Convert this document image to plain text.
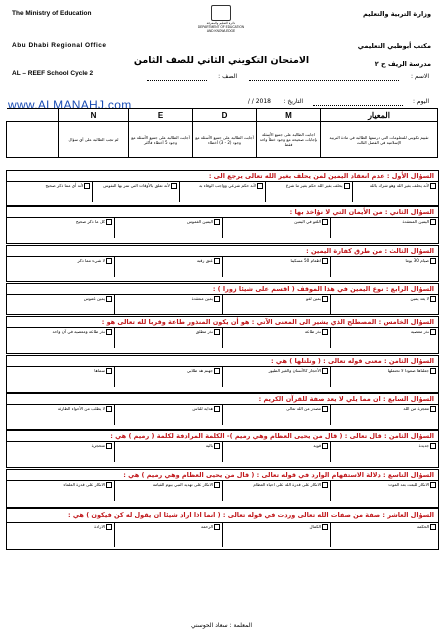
The Ministry of Education
Abu Dhabi Regional Office
AL – REEF School Cycle 2
وزارة التربية والتعليم
مكتب أبوظبي التعليمي
مدرسة الريف ح ٢
دائرة التعليم والمعرفة
DEPARTMENT OF EDUCATION
AND KNOWLEDGE
الامتحان التكويني الثاني للصف الثامن
الاسم :
الصف :
اليوم :
التاريخ :
2018 / /
www.ALMANAHJ.com
	N	E	D	M	المعيار
	لم تجب الطالبة على أي سؤال	أجابت الطالبة على جميع الأسئلة مع وجود 5 أخطاء فأكثر	أجابت الطالبة على جميع الأسئلة مع وجود (2 - 3) أخطاء	اجابت الطالبة على جميع الأسئلة بإجابات صحيحة مع وجود خطأ واحد فقط	تقييم تكويني للمعلومات التي درستها الطالبة في مادة التربية الإسلامية في الفصل الثالث
السؤال الأول : عدم انعقاد اليمين لمن يحلف بغير الله تعالى يرجع الى :
لأنه يحلف بغير الله وهو شرك بالله
يحلف بغير الله حكم بغير ما شرع
لأنه حكم شرعي وواجب الوفاء به
لأنه تعلق بالأوقات التي تمر بها النفوس
لأنه أي مما ذكر صحيح
السؤال الثاني : من الأيمان التي لا نؤاخذ بها :
اليمين المنعقدة
اللغو في اليمين
اليمين الغموس
كل ما ذكر صحيح
السؤال الثالث : من طرق كفارة اليمين :
صيام 30 يوما
اطعام 50 مسكينا
عتق رقبة
لا شيء مما ذكر
السؤال الرابع : نوع اليمين في هذا الموقف ( اقسم على شيئا زورا ) :
لا يعد يمين
يمين لغو
يمين منعقدة
يمين غموس
السؤال الخامس : المصطلح الذي يشير الى المعنى الآتي : هو أن يكون المنذور طاعة وقربا لله تعالى هو :
نذر معصية
نذر طاعة
نذر مطلق
نذر طاعة ومعصية في آن واحد
السؤال الثامن : معنى قوله تعالى : ( وتلتلها ) هي :
جعلناها صعودا لا تحتملها
الأحجار كالأنسان والغير الطيور
جهنم هد طلابي
سماها
السؤال السابع : ان مما يلي لا يعد صفة للقرآن الكريم :
معجزة من الله
مصدر من الله تعالى
هداية للناس
لا يطلب من الأحواء الطارئة
السؤال الثامن : قال تعالى : ( قال من يحيى العظام وهي رميم )- الكلمة المرادفة لكلمة ( رميم ) هي :
جديدة
قوية
بالية
متحجرة
السؤال التاسع : دلالة الاستفهام الوارد في قوله تعالى : ( قال من يحيى العظام وهي رميم ) هي :
الانكار للبعث بعد الموت
الانكار على قدرة الله على احياء العظام
الانكار على تهديد النبي بيوم القيامة
الانكار على قدرة العلماء
السؤال العاشر : صفة من صفات الله تعالى وردت في قوله تعالى : ( انما اذا اراد شيئا ان يقول له كن فيكون ) هي :
الحكمة
الكمال
الرحمة
الارادة
المعلمة : سعاد الحوسني
